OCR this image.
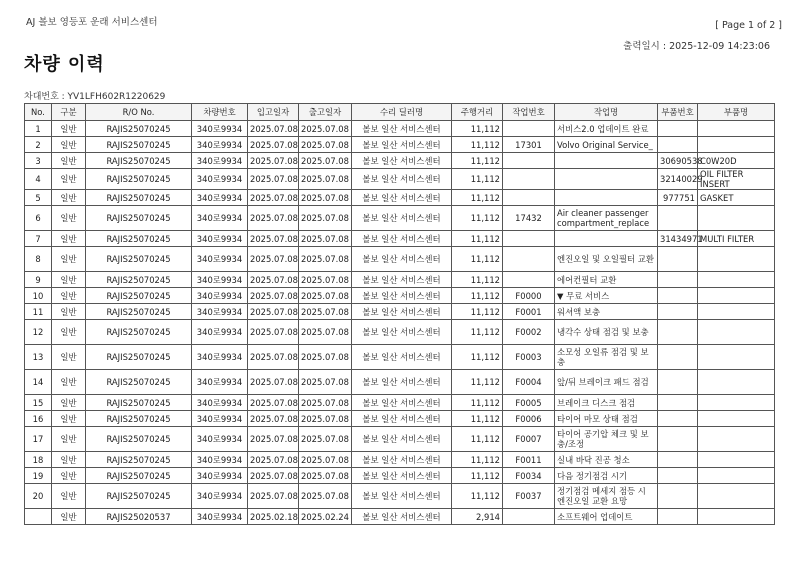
AJ 볼보 영등포 운래 서비스센터	[ Page 1 of 2 ]
출력일시 : 2025-12-09 14:23:06
차량 이력
차대번호 : YV1LFH602R1220629
No.	구분	R/O No.	차량번호	입고일자	출고일자	수리 딜러명	주행거리	작업번호	작업명	부품번호	부품명
1	일반	RAJIS25070245	340로9934	2025.07.08	2025.07.08	볼보 일산 서비스센터	11,112		서비스2.0 업데이트 완료		
2	일반	RAJIS25070245	340로9934	2025.07.08	2025.07.08	볼보 일산 서비스센터	11,112	17301	Volvo Original Service_		
3	일반	RAJIS25070245	340로9934	2025.07.08	2025.07.08	볼보 일산 서비스센터	11,112			30690538	C0W20D
4	일반	RAJIS25070245	340로9934	2025.07.08	2025.07.08	볼보 일산 서비스센터	11,112			32140029	OIL FILTER INSERT
5	일반	RAJIS25070245	340로9934	2025.07.08	2025.07.08	볼보 일산 서비스센터	11,112			977751	GASKET
6	일반	RAJIS25070245	340로9934	2025.07.08	2025.07.08	볼보 일산 서비스센터	11,112	17432	Air cleaner passenger compartment_replace		
7	일반	RAJIS25070245	340로9934	2025.07.08	2025.07.08	볼보 일산 서비스센터	11,112			31434971	MULTI FILTER
8	일반	RAJIS25070245	340로9934	2025.07.08	2025.07.08	볼보 일산 서비스센터	11,112		엔진오일 및 오일필터 교환		
9	일반	RAJIS25070245	340로9934	2025.07.08	2025.07.08	볼보 일산 서비스센터	11,112		에어컨필터 교환		
10	일반	RAJIS25070245	340로9934	2025.07.08	2025.07.08	볼보 일산 서비스센터	11,112	F0000	▼ 무료 서비스		
11	일반	RAJIS25070245	340로9934	2025.07.08	2025.07.08	볼보 일산 서비스센터	11,112	F0001	워셔액 보충		
12	일반	RAJIS25070245	340로9934	2025.07.08	2025.07.08	볼보 일산 서비스센터	11,112	F0002	냉각수 상태 점검 및 보충		
13	일반	RAJIS25070245	340로9934	2025.07.08	2025.07.08	볼보 일산 서비스센터	11,112	F0003	소모성 오일류 점검 및 보충		
14	일반	RAJIS25070245	340로9934	2025.07.08	2025.07.08	볼보 일산 서비스센터	11,112	F0004	앞/뒤 브레이크 패드 점검		
15	일반	RAJIS25070245	340로9934	2025.07.08	2025.07.08	볼보 일산 서비스센터	11,112	F0005	브레이크 디스크 점검		
16	일반	RAJIS25070245	340로9934	2025.07.08	2025.07.08	볼보 일산 서비스센터	11,112	F0006	타이어 마모 상태 점검		
17	일반	RAJIS25070245	340로9934	2025.07.08	2025.07.08	볼보 일산 서비스센터	11,112	F0007	타이어 공기압 체크 및 보충/조정		
18	일반	RAJIS25070245	340로9934	2025.07.08	2025.07.08	볼보 일산 서비스센터	11,112	F0011	실내 바닥 진공 청소		
19	일반	RAJIS25070245	340로9934	2025.07.08	2025.07.08	볼보 일산 서비스센터	11,112	F0034	다음 정기점검 시기		
20	일반	RAJIS25070245	340로9934	2025.07.08	2025.07.08	볼보 일산 서비스센터	11,112	F0037	정기점검 메세지 점등 시 엔진오일 교환 요망		
	일반	RAJIS25020537	340로9934	2025.02.18	2025.02.24	볼보 일산 서비스센터	2,914		소프트웨어 업데이트		
